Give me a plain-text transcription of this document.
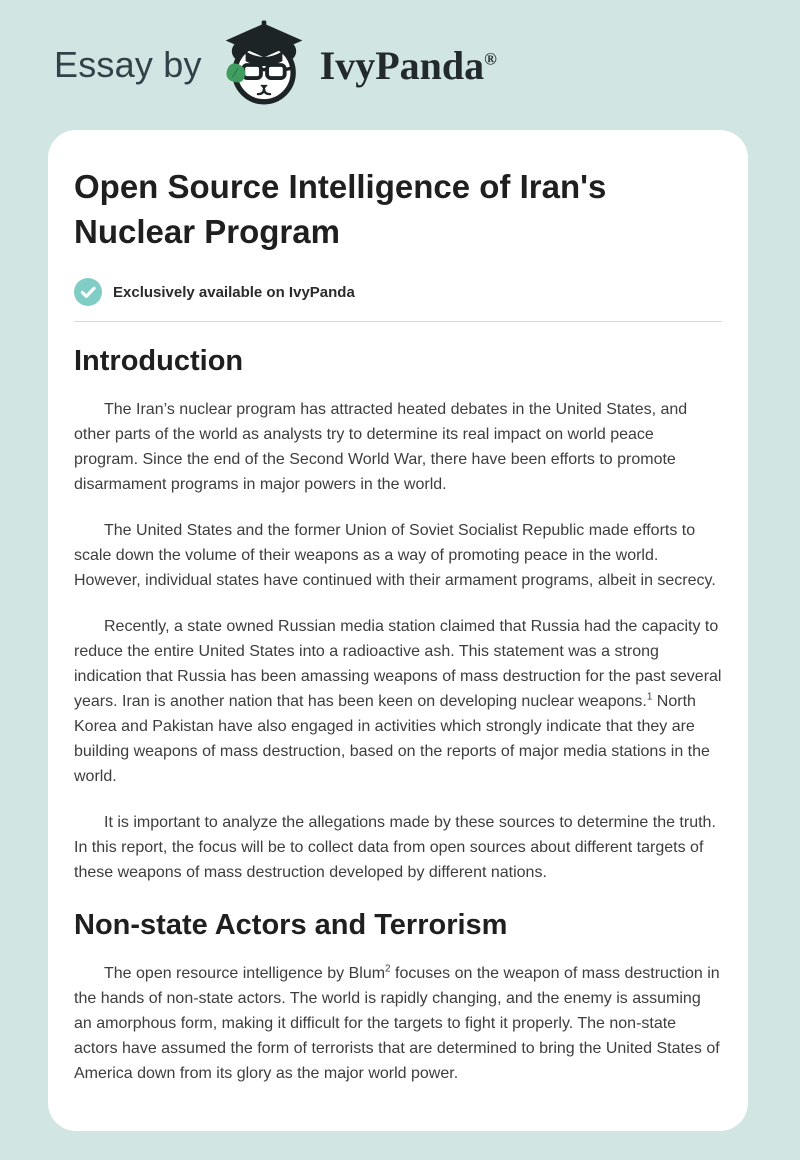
Essay by	IvyPanda®
Open Source Intelligence of Iran's Nuclear Program
Exclusively available on IvyPanda
Introduction

The Iran’s nuclear program has attracted heated debates in the United States, and other parts of the world as analysts try to determine its real impact on world peace program. Since the end of the Second World War, there have been efforts to promote disarmament programs in major powers in the world.

The United States and the former Union of Soviet Socialist Republic made efforts to scale down the volume of their weapons as a way of promoting peace in the world. However, individual states have continued with their armament programs, albeit in secrecy.

Recently, a state owned Russian media station claimed that Russia had the capacity to reduce the entire United States into a radioactive ash. This statement was a strong indication that Russia has been amassing weapons of mass destruction for the past several years. Iran is another nation that has been keen on developing nuclear weapons.$^1$ North Korea and Pakistan have also engaged in activities which strongly indicate that they are building weapons of mass destruction, based on the reports of major media stations in the world.

It is important to analyze the allegations made by these sources to determine the truth. In this report, the focus will be to collect data from open sources about different targets of these weapons of mass destruction developed by different nations.

Non-state Actors and Terrorism

The open resource intelligence by Blum$^2$ focuses on the weapon of mass destruction in the hands of non-state actors. The world is rapidly changing, and the enemy is assuming an amorphous form, making it difficult for the targets to fight it properly. The non-state actors have assumed the form of terrorists that are determined to bring the United States of America down from its glory as the major world power.
